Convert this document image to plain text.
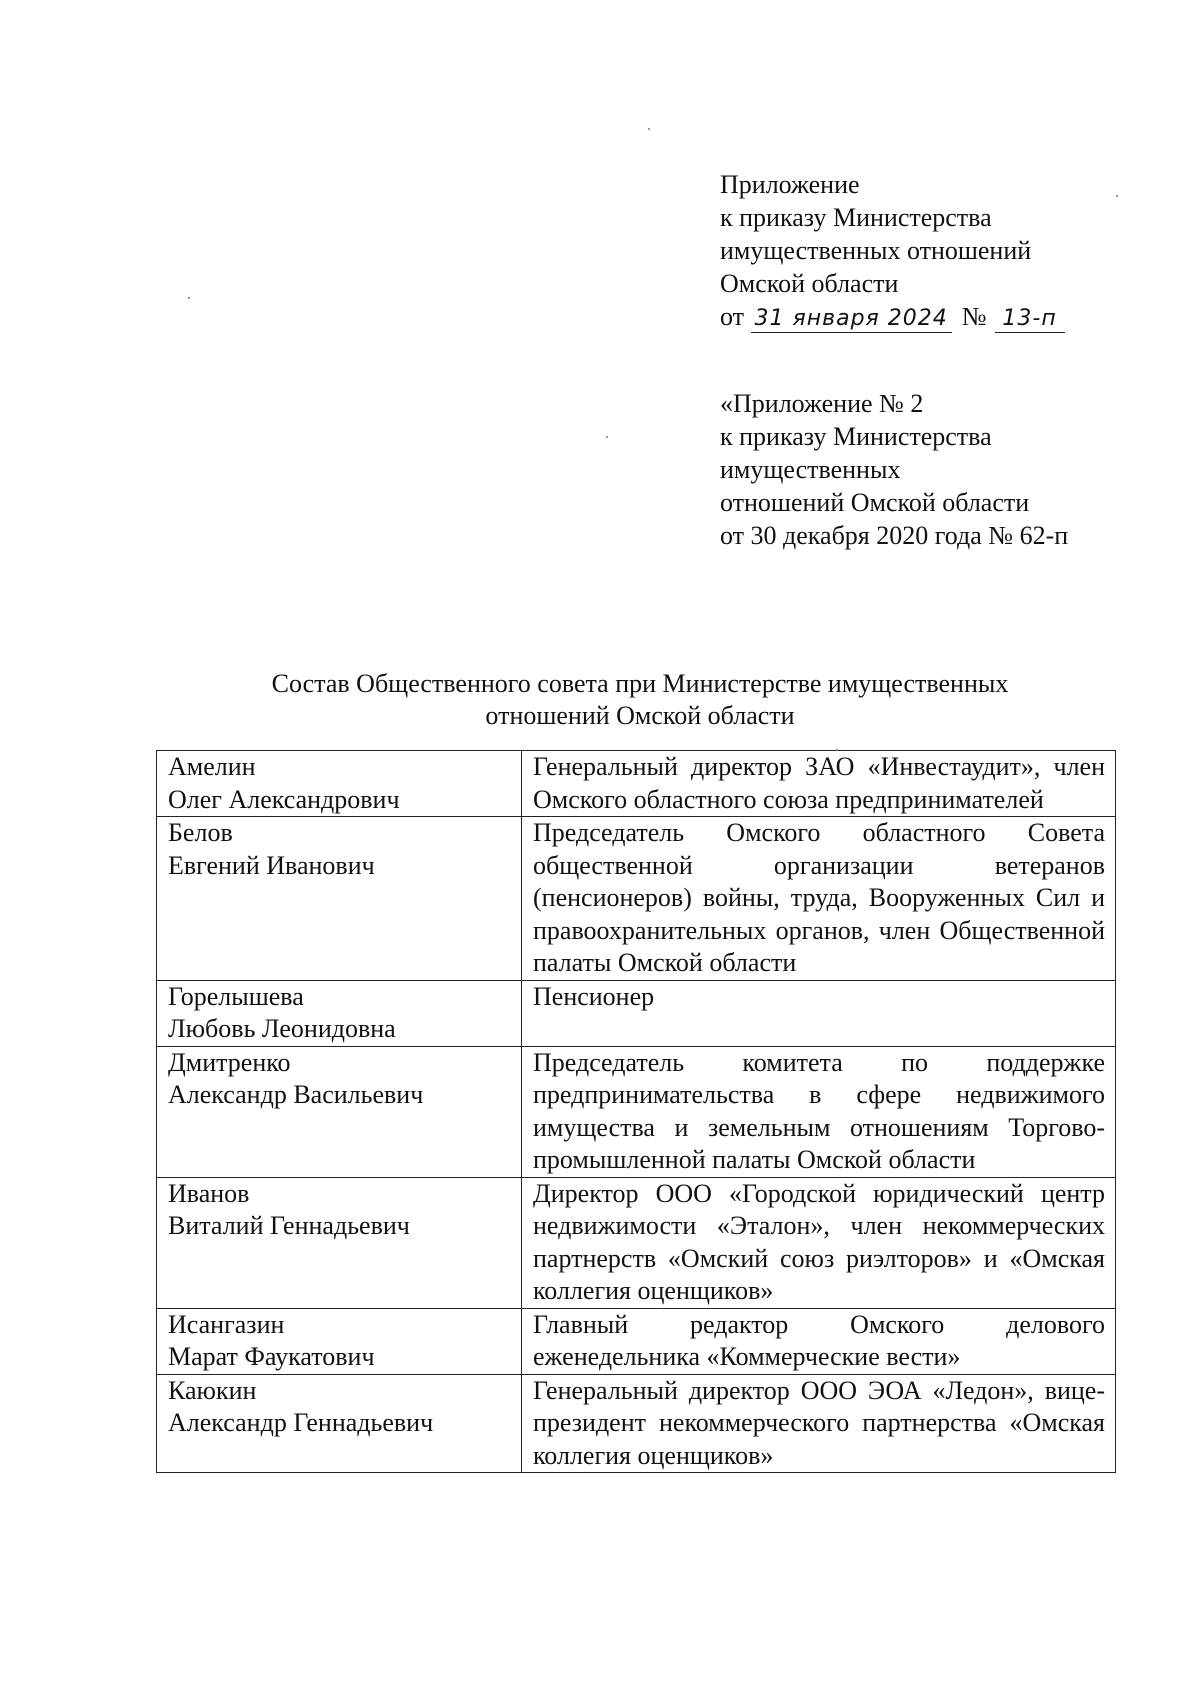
Приложение
к приказу Министерства
имущественных отношений
Омской области
от 31 января 2024 № 13-п
«Приложение № 2
к приказу Министерства
имущественных
отношений Омской области
от 30 декабря 2020 года № 62-п
Состав Общественного совета при Министерстве имущественных
отношений Омской области
Амелин
Олег Александрович	Генеральный директор ЗАО «Инвестаудит», член Омского областного союза предпринимателей

Белов
Евгений Иванович	Председатель Омского областного Совета общественной организации ветеранов (пенсионеров) войны, труда, Вооруженных Сил и правоохранительных органов, член Общественной палаты Омской области

Горелышева
Любовь Леонидовна	Пенсионер

Дмитренко
Александр Васильевич	Председатель комитета по поддержке предпринимательства в сфере недвижимого имущества и земельным отношениям Торгово-промышленной палаты Омской области

Иванов
Виталий Геннадьевич	Директор ООО «Городской юридический центр недвижимости «Эталон», член некоммерческих партнерств «Омский союз риэлторов» и «Омская коллегия оценщиков»

Исангазин
Марат Фаукатович	Главный редактор Омского делового еженедельника «Коммерческие вести»

Каюкин
Александр Геннадьевич	Генеральный директор ООО ЭОА «Ледон», вице-президент некоммерческого партнерства «Омская коллегия оценщиков»
